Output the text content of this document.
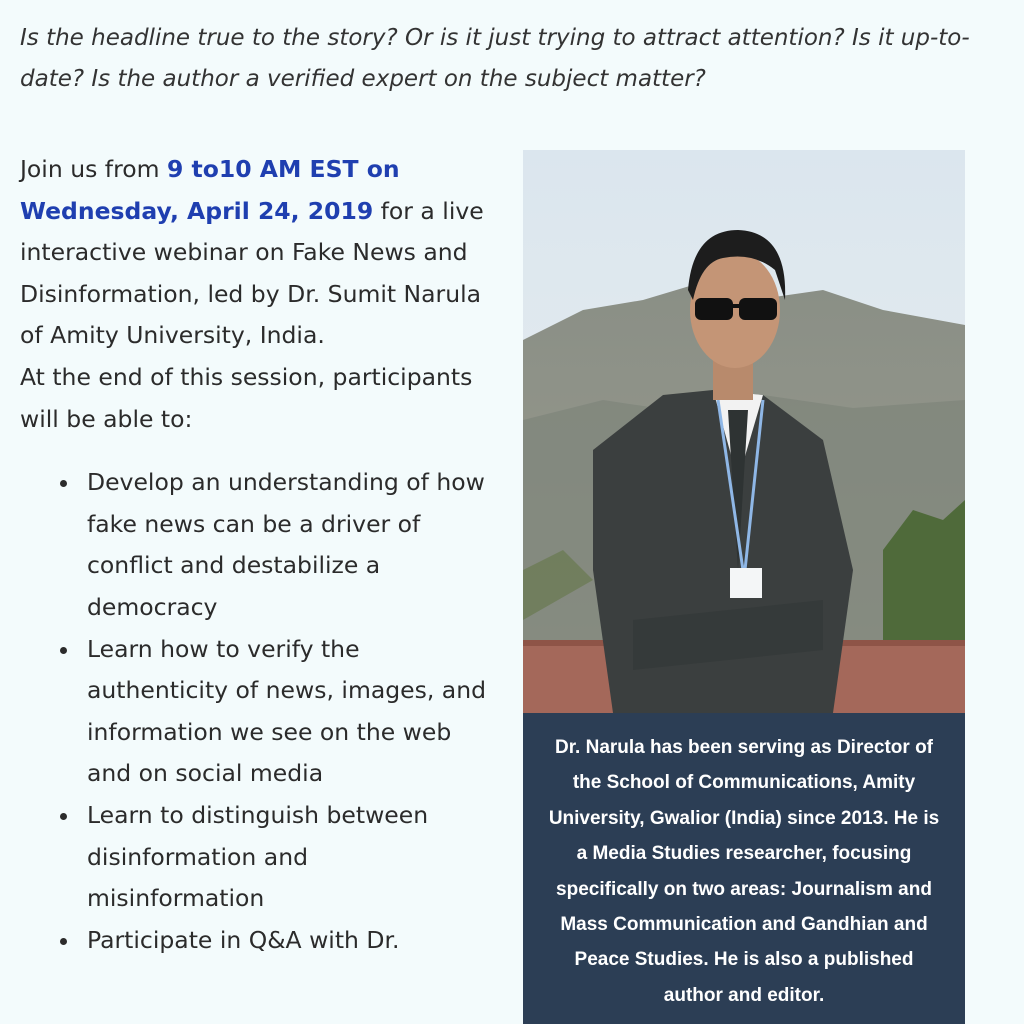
Is the headline true to the story? Or is it just trying to attract attention? Is it up-to-date? Is the author a verified expert on the subject matter?

Join us from 9 to10 AM EST on Wednesday, April 24, 2019 for a live interactive webinar on Fake News and Disinformation, led by Dr. Sumit Narula of Amity University, India.

At the end of this session, participants will be able to:

Develop an understanding of how fake news can be a driver of conflict and destabilize a democracy
Learn how to verify the authenticity of news, images, and information we see on the web and on social media
Learn to distinguish between disinformation and misinformation
Participate in Q&A with Dr.
Dr. Narula has been serving as Director of the School of Communications, Amity University, Gwalior (India) since 2013. He is a Media Studies researcher, focusing specifically on two areas: Journalism and Mass Communication and Gandhian and Peace Studies. He is also a published author and editor.
